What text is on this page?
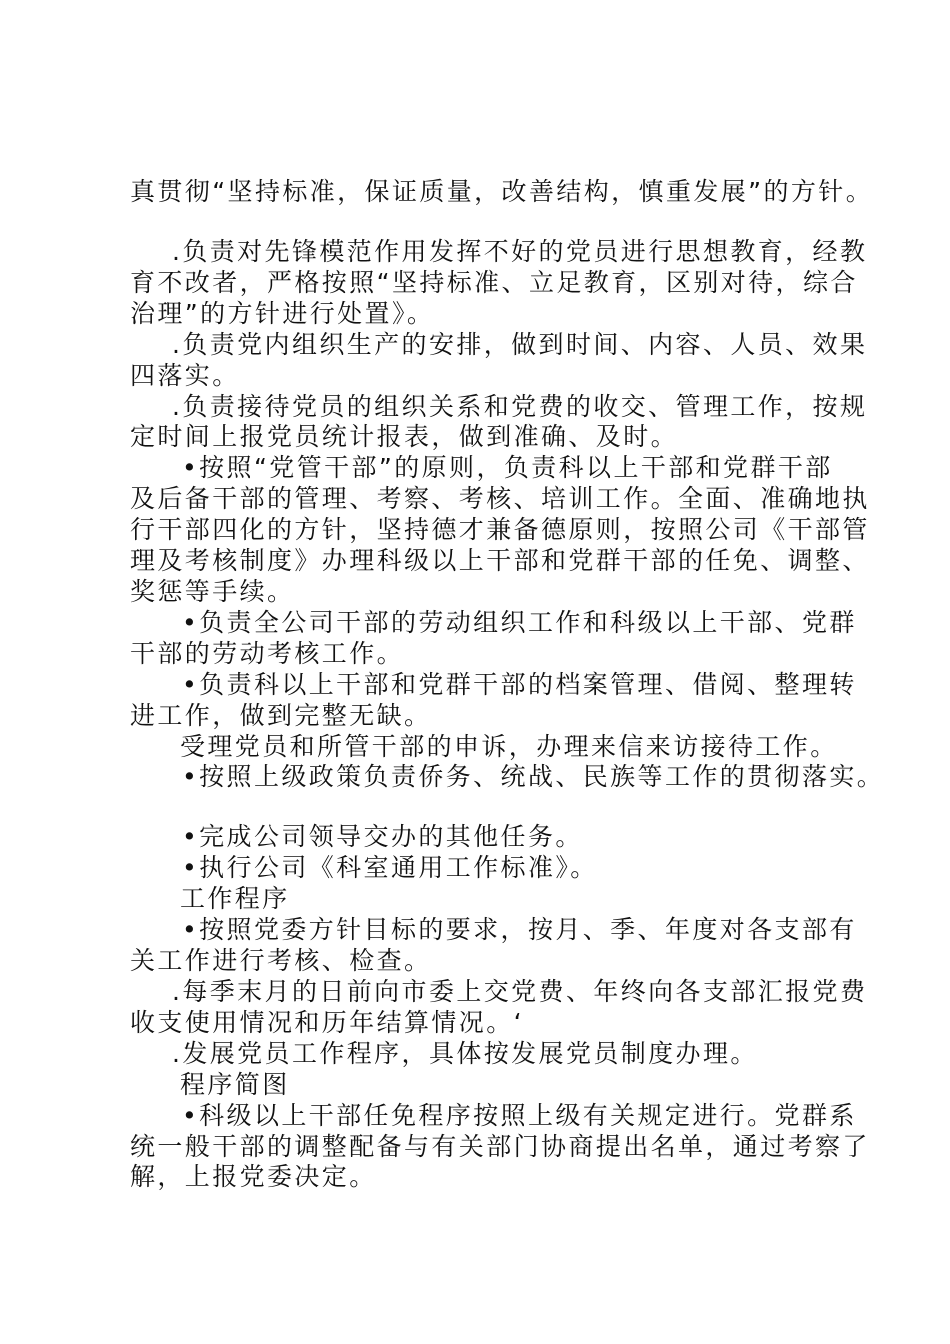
真贯彻“坚持标准，保证质量，改善结构，慎重发展”的方针。
.负责对先锋模范作用发挥不好的党员进行思想教育，经教
育不改者，严格按照“坚持标准、立足教育，区别对待，综合
治理”的方针进行处置》。
.负责党内组织生产的安排，做到时间、内容、人员、效果
四落实。
.负责接待党员的组织关系和党费的收交、管理工作，按规
定时间上报党员统计报表，做到准确、及时。
•按照“党管干部”的原则，负责科以上干部和党群干部
及后备干部的管理、考察、考核、培训工作。全面、准确地执
行干部四化的方针，坚持德才兼备德原则，按照公司《干部管
理及考核制度》办理科级以上干部和党群干部的任免、调整、
奖惩等手续。
•负责全公司干部的劳动组织工作和科级以上干部、党群
干部的劳动考核工作。
•负责科以上干部和党群干部的档案管理、借阅、整理转
进工作，做到完整无缺。
受理党员和所管干部的申诉，办理来信来访接待工作。
•按照上级政策负责侨务、统战、民族等工作的贯彻落实。
•完成公司领导交办的其他任务。
•执行公司《科室通用工作标准》。
工作程序
•按照党委方针目标的要求，按月、季、年度对各支部有
关工作进行考核、检查。
.每季末月的日前向市委上交党费、年终向各支部汇报党费
收支使用情况和历年结算情况。‘
.发展党员工作程序，具体按发展党员制度办理。
程序简图
•科级以上干部任免程序按照上级有关规定进行。党群系
统一般干部的调整配备与有关部门协商提出名单，通过考察了
解，上报党委决定。
